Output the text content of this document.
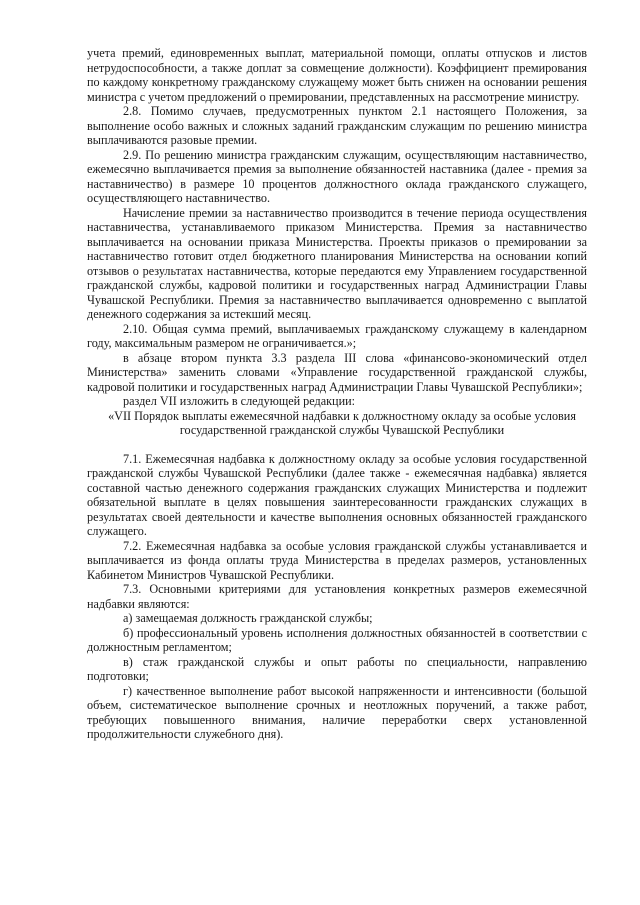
учета премий, единовременных выплат, материальной помощи, оплаты отпусков и листов нетрудоспособности, а также доплат за совмещение должности). Коэффициент премирования по каждому конкретному гражданскому служащему может быть снижен на основании решения министра с учетом предложений о премировании, представленных на рассмотрение министру.

2.8. Помимо случаев, предусмотренных пунктом 2.1 настоящего Положения, за выполнение особо важных и сложных заданий гражданским служащим по решению министра выплачиваются разовые премии.

2.9. По решению министра гражданским служащим, осуществляющим наставничество, ежемесячно выплачивается премия за выполнение обязанностей наставника (далее - премия за наставничество) в размере 10 процентов должностного оклада гражданского служащего, осуществляющего наставничество.

Начисление премии за наставничество производится в течение периода осуществления наставничества, устанавливаемого приказом Министерства. Премия за наставничество выплачивается на основании приказа Министерства. Проекты приказов о премировании за наставничество готовит отдел бюджетного планирования Министерства на основании копий отзывов о результатах наставничества, которые передаются ему Управлением государственной гражданской службы, кадровой политики и государственных наград Администрации Главы Чувашской Республики. Премия за наставничество выплачивается одновременно с выплатой денежного содержания за истекший месяц.

2.10. Общая сумма премий, выплачиваемых гражданскому служащему в календарном году, максимальным размером не ограничивается.»;

в абзаце втором пункта 3.3 раздела III слова «финансово-экономический отдел Министерства» заменить словами «Управление государственной гражданской службы, кадровой политики и государственных наград Администрации Главы Чувашской Республики»;

раздел VII изложить в следующей редакции:

«VII Порядок выплаты ежемесячной надбавки к должностному окладу за особые условия государственной гражданской службы Чувашской Республики

7.1. Ежемесячная надбавка к должностному окладу за особые условия государственной гражданской службы Чувашской Республики (далее также - ежемесячная надбавка) является составной частью денежного содержания гражданских служащих Министерства и подлежит обязательной выплате в целях повышения заинтересованности гражданских служащих в результатах своей деятельности и качестве выполнения основных обязанностей гражданского служащего.

7.2. Ежемесячная надбавка за особые условия гражданской службы устанавливается и выплачивается из фонда оплаты труда Министерства в пределах размеров, установленных Кабинетом Министров Чувашской Республики.

7.3. Основными критериями для установления конкретных размеров ежемесячной надбавки являются:

а) замещаемая должность гражданской службы;

б) профессиональный уровень исполнения должностных обязанностей в соответствии с должностным регламентом;

в) стаж гражданской службы и опыт работы по специальности, направлению подготовки;

г) качественное выполнение работ высокой напряженности и интенсивности (большой объем, систематическое выполнение срочных и неотложных поручений, а также работ, требующих повышенного внимания, наличие переработки сверх установленной продолжительности служебного дня).
